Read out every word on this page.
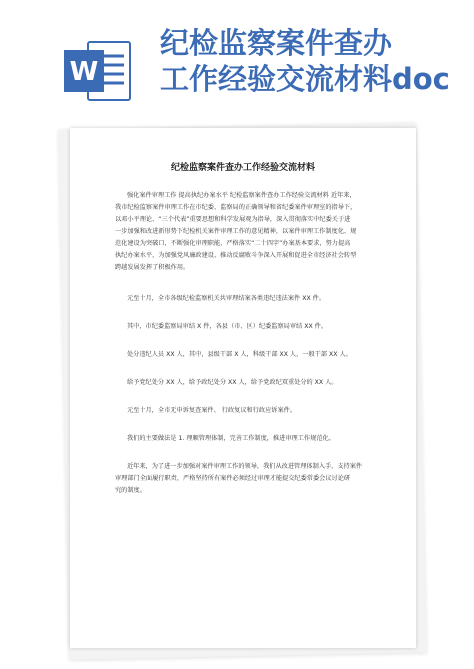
W
纪检监察案件查办
工作经验交流材料doc
纪检监察案件查办工作经验交流材料
强化案件审理工作 提高执纪办案水平 纪检监察案件查办工作经验交流材料 近年来，
我市纪检监察案件审理工作在市纪委、监察局的正确领导和省纪委案件审理室的指导下，
以邓小平理论、“三个代表”重要思想和科学发展观为指导，深入贯彻落实中纪委关于进
一步加强和改进新形势下纪检机关案件审理工作的意见精神，以案件审理工作制度化、规
范化建设为突破口，不断强化审理职能，严格落实“二十四字”办案基本要求，努力提高
执纪办案水平，为加强党风廉政建设、推动反腐败斗争深入开展和促进全市经济社会转型
跨越发展发挥了积极作用。
元至十月，全市各级纪检监察机关共审理结案各类违纪违法案件 XX 件。
其中，市纪委监察局审结 X 件，各县（市、区）纪委监察局审结 XX 件。
处分违纪人员 XX 人，其中，县级干部 X 人，科级干部 XX 人，一般干部 XX 人。
给予党纪处分 XX 人，给予政纪处分 XX 人，给予党政纪双重处分的 XX 人。
元至十月，全市无申诉复查案件、 行政复议和行政应诉案件。
我们的主要做法是 1. 理顺管理体制，完善工作制度，推进审理工作规范化。
近年来，为了进一步加强对案件审理工作的领导，我们从改进管理体制入手，支持案件
审理部门全面履行职责，严格坚持所有案件必须经过审理才能提交纪委常委会议讨论研
究的制度。
